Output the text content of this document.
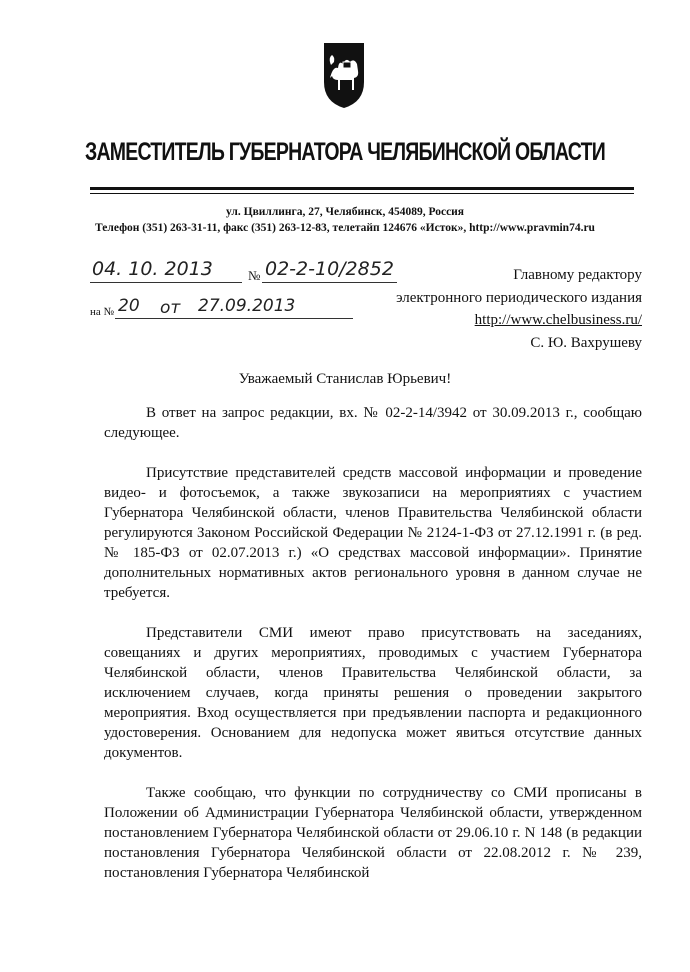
ЗАМЕСТИТЕЛЬ ГУБЕРНАТОРА ЧЕЛЯБИНСКОЙ ОБЛАСТИ
ул. Цвиллинга, 27, Челябинск, 454089, Россия
Телефон (351) 263-31-11, факс (351) 263-12-83, телетайп 124676 «Исток», http://www.pravmin74.ru
04. 10. 2013	№ 02-2-10/2852
на № 20 от 27.09.2013
Главному редактору
электронного периодического издания
http://www.chelbusiness.ru/
С. Ю. Вахрушеву
Уважаемый Станислав Юрьевич!

В ответ на запрос редакции, вх. № 02-2-14/3942 от 30.09.2013 г., сообщаю следующее.

Присутствие представителей средств массовой информации и проведение видео- и фотосъемок, а также звукозаписи на мероприятиях с участием Губернатора Челябинской области, членов Правительства Челябинской области регулируются Законом Российской Федерации № 2124-1-ФЗ от 27.12.1991 г. (в ред. № 185-ФЗ от 02.07.2013 г.) «О средствах массовой информации». Принятие дополнительных нормативных актов регионального уровня в данном случае не требуется.

Представители СМИ имеют право присутствовать на заседаниях, совещаниях и других мероприятиях, проводимых с участием Губернатора Челябинской области, членов Правительства Челябинской области, за исключением случаев, когда приняты решения о проведении закрытого мероприятия. Вход осуществляется при предъявлении паспорта и редакционного удостоверения. Основанием для недопуска может явиться отсутствие данных документов.

Также сообщаю, что функции по сотрудничеству со СМИ прописаны в Положении об Администрации Губернатора Челябинской области, утвержденном постановлением Губернатора Челябинской области от 29.06.10 г. N 148 (в редакции постановления Губернатора Челябинской области от 22.08.2012 г. № 239, постановления Губернатора Челябинской
